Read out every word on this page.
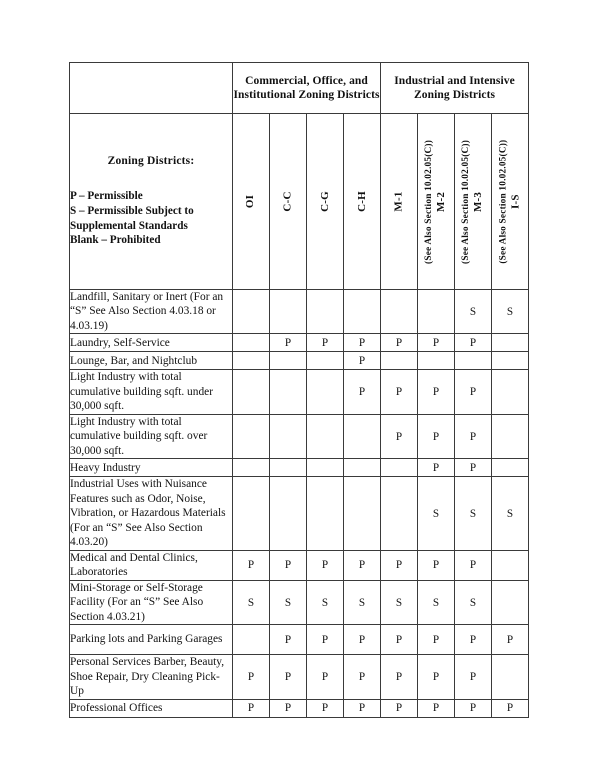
	Commercial, Office, and Institutional Zoning Districts				Industrial and Intensive Zoning Districts			

Zoning Districts:
P – Permissible
S – Permissible Subject to
Supplemental Standards
Blank – Prohibited

OI	C-C	C-G	C-H	M-1	(See Also Section 10.02.05(C)) M-2	(See Also Section 10.02.05(C)) M-3	(See Also Section 10.02.05(C)) I-S

Landfill, Sanitary or Inert (For an “S” See Also Section 4.03.18 or 4.03.19)							S	S
Laundry, Self-Service		P	P	P	P	P	P	
Lounge, Bar, and Nightclub				P				
Light Industry with total cumulative building sqft. under 30,000 sqft.				P	P	P	P	
Light Industry with total cumulative building sqft. over 30,000 sqft.					P	P	P	
Heavy Industry						P	P	
Industrial Uses with Nuisance Features such as Odor, Noise, Vibration, or Hazardous Materials (For an “S” See Also Section 4.03.20)						S	S	S
Medical and Dental Clinics, Laboratories	P	P	P	P	P	P	P	
Mini-Storage or Self-Storage Facility (For an “S” See Also Section 4.03.21)	S	S	S	S	S	S	S	
Parking lots and Parking Garages		P	P	P	P	P	P	P
Personal Services Barber, Beauty, Shoe Repair, Dry Cleaning Pick-Up	P	P	P	P	P	P	P	
Professional Offices	P	P	P	P	P	P	P	P
